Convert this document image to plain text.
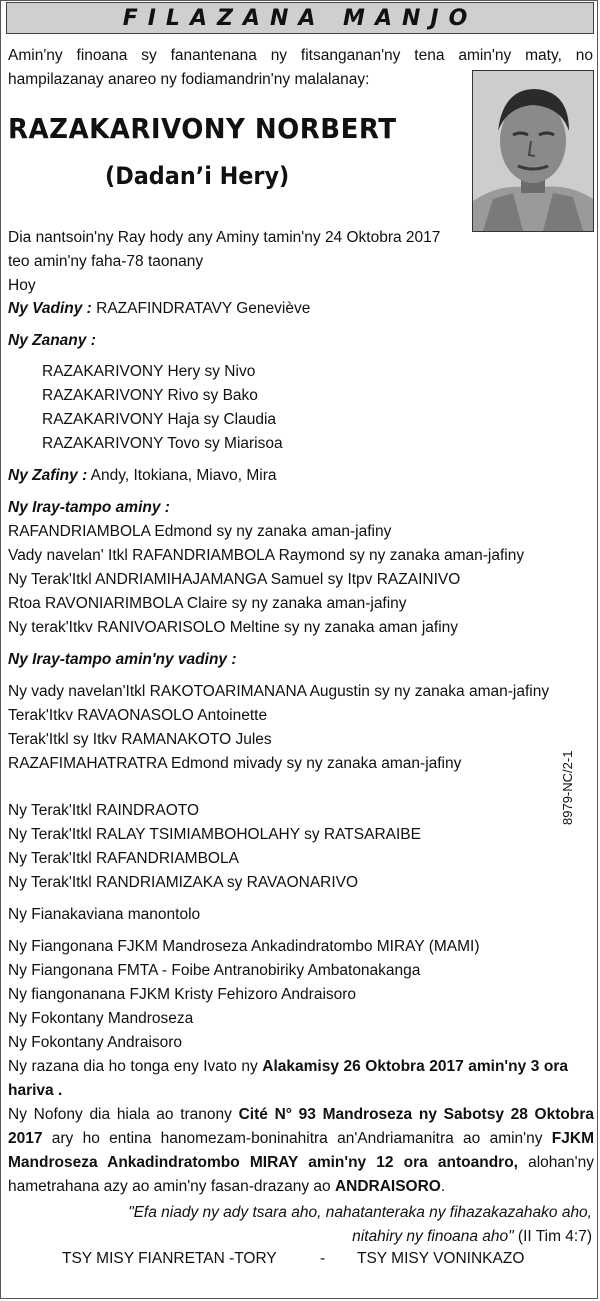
FILAZANA MANJO
Amin'ny finoana sy fanantenana ny fitsanganan'ny tena amin'ny maty, no hampilazanay anareo ny fodiamandrin'ny malalanay:
RAZAKARIVONY NORBERT
(Dadan’i Hery)
Dia nantsoin'ny Ray hody any Aminy tamin'ny 24 Oktobra 2017
teo amin'ny faha-78 taonany
Hoy
Ny Vadiny : RAZAFINDRATAVY Geneviève
Ny Zanany :
RAZAKARIVONY Hery sy Nivo
RAZAKARIVONY Rivo sy Bako
RAZAKARIVONY Haja sy Claudia
RAZAKARIVONY Tovo sy Miarisoa
Ny Zafiny : Andy, Itokiana, Miavo, Mira
Ny Iray-tampo aminy :
RAFANDRIAMBOLA Edmond sy ny zanaka aman-jafiny
Vady navelan' Itkl RAFANDRIAMBOLA Raymond sy ny zanaka aman-jafiny
Ny Terak'Itkl ANDRIAMIHAJAMANGA Samuel sy Itpv RAZAINIVO
Rtoa RAVONIARIMBOLA Claire sy ny zanaka aman-jafiny
Ny terak'Itkv RANIVOARISOLO Meltine sy ny zanaka aman jafiny
Ny Iray-tampo amin'ny vadiny :
Ny vady navelan'Itkl RAKOTOARIMANANA Augustin sy ny zanaka aman-jafiny
Terak'Itkv RAVAONASOLO Antoinette
Terak'Itkl sy Itkv RAMANAKOTO Jules
RAZAFIMAHATRATRA Edmond mivady sy ny zanaka aman-jafiny
Ny Terak'Itkl RAINDRAOTO
Ny Terak'Itkl RALAY TSIMIAMBOHOLAHY sy RATSARAIBE
Ny Terak'Itkl RAFANDRIAMBOLA
Ny Terak'Itkl RANDRIAMIZAKA sy RAVAONARIVO
Ny Fianakaviana manontolo
Ny Fiangonana FJKM Mandroseza Ankadindratombo MIRAY (MAMI)
Ny Fiangonana FMTA - Foibe Antranobiriky Ambatonakanga
Ny fiangonanana FJKM Kristy Fehizoro Andraisoro
Ny Fokontany Mandroseza
Ny Fokontany Andraisoro
Ny razana dia ho tonga eny Ivato ny Alakamisy 26 Oktobra 2017 amin'ny 3 ora hariva .
Ny Nofony dia hiala ao tranony Cité N° 93 Mandroseza ny Sabotsy 28 Oktobra 2017 ary ho entina hanomezam-boninahitra an'Andriamanitra ao amin'ny FJKM Mandroseza Ankadindratombo MIRAY amin'ny 12 ora antoandro, alohan'ny hametrahana azy ao amin'ny fasan-drazany ao ANDRAISORO.
"Efa niady ny ady tsara aho, nahatanteraka ny fihazakazahako aho,
nitahiry ny finoana aho" (II Tim 4:7)
TSY MISY FIANRETAN -TORY	- TSY MISY VONINKAZO
8979-NC/2-1
